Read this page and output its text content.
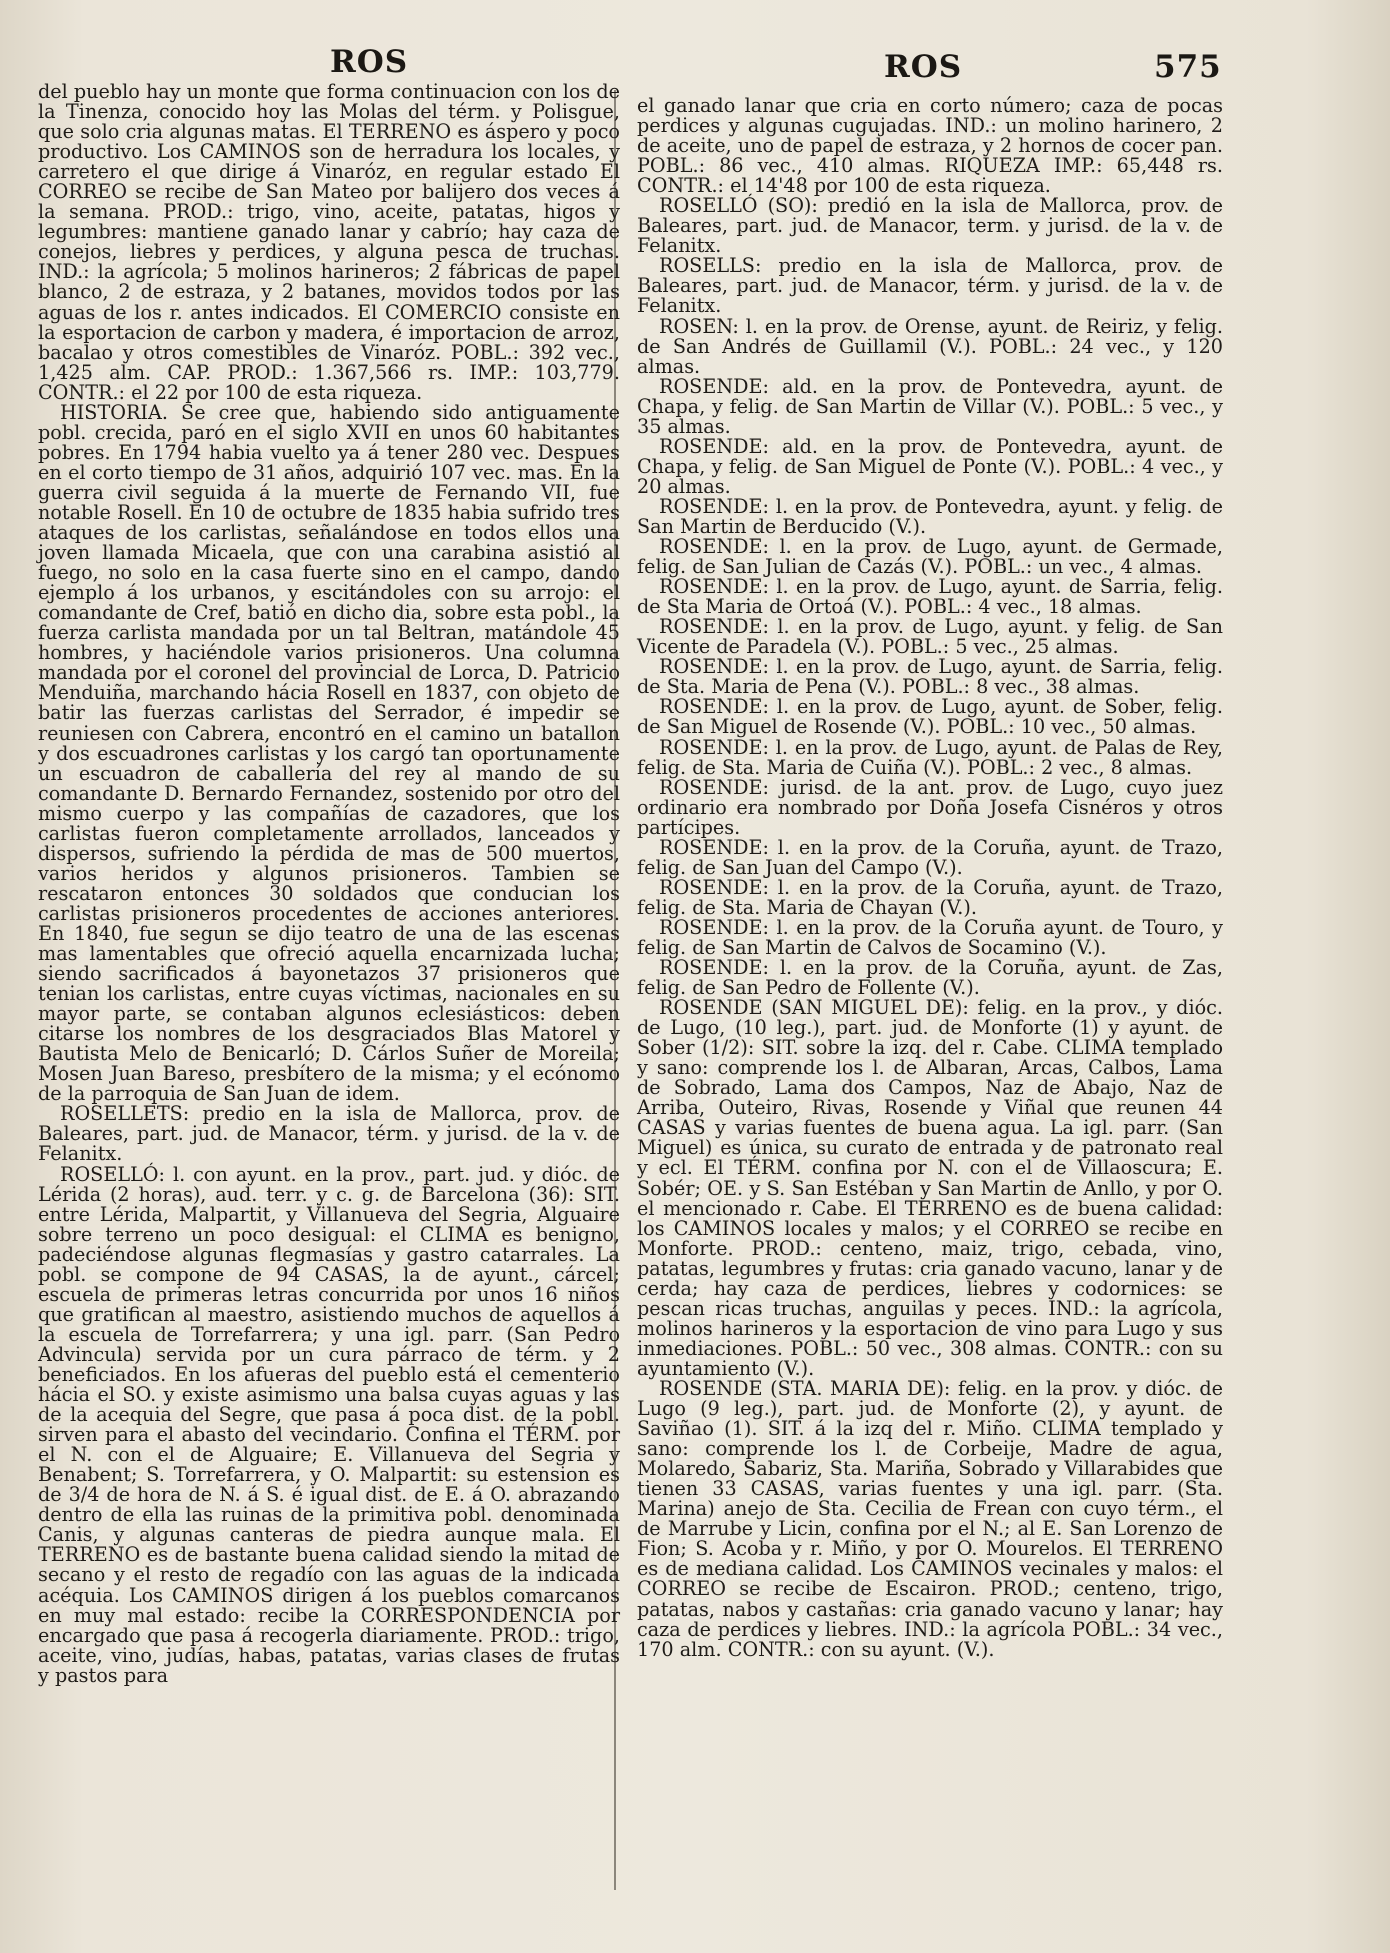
ROS	ROS	575

del pueblo hay un monte que forma continuacion con los de la Tinenza, conocido hoy las Molas del térm. y Polisgue, que solo cria algunas matas. El TERRENO es áspero y poco productivo. Los CAMINOS son de herradura los locales, y carretero el que dirige á Vinaróz, en regular estado El CORREO se recibe de San Mateo por balijero dos veces á la semana. PROD.: trigo, vino, aceite, patatas, higos y legumbres: mantiene ganado lanar y cabrío; hay caza de conejos, liebres y perdices, y alguna pesca de truchas. IND.: la agrícola; 5 molinos harineros; 2 fábricas de papel blanco, 2 de estraza, y 2 batanes, movidos todos por las aguas de los r. antes indicados. El COMERCIO consiste en la esportacion de carbon y madera, é importacion de arroz, bacalao y otros comestibles de Vinaróz. POBL.: 392 vec., 1,425 alm. CAP. PROD.: 1.367,566 rs. IMP.: 103,779. CONTR.: el 22 por 100 de esta riqueza.

HISTORIA. Se cree que, habiendo sido antiguamente pobl. crecida, paró en el siglo XVII en unos 60 habitantes pobres. En 1794 habia vuelto ya á tener 280 vec. Despues en el corto tiempo de 31 años, adquirió 107 vec. mas. En la guerra civil seguida á la muerte de Fernando VII, fue notable Rosell. En 10 de octubre de 1835 habia sufrido tres ataques de los carlistas, señalándose en todos ellos una joven llamada Micaela, que con una carabina asistió al fuego, no solo en la casa fuerte sino en el campo, dando ejemplo á los urbanos, y escitándoles con su arrojo: el comandante de Cref, batió en dicho dia, sobre esta pobl., la fuerza carlista mandada por un tal Beltran, matándole 45 hombres, y haciéndole varios prisioneros. Una columna mandada por el coronel del provincial de Lorca, D. Patricio Menduiña, marchando hácia Rosell en 1837, con objeto de batir las fuerzas carlistas del Serrador, é impedir se reuniesen con Cabrera, encontró en el camino un batallon y dos escuadrones carlistas y los cargó tan oportunamente un escuadron de caballería del rey al mando de su comandante D. Bernardo Fernandez, sostenido por otro del mismo cuerpo y las compañías de cazadores, que los carlistas fueron completamente arrollados, lanceados y dispersos, sufriendo la pérdida de mas de 500 muertos, varios heridos y algunos prisioneros. Tambien se rescataron entonces 30 soldados que conducian los carlistas prisioneros procedentes de acciones anteriores. En 1840, fue segun se dijo teatro de una de las escenas mas lamentables que ofreció aquella encarnizada lucha; siendo sacrificados á bayonetazos 37 prisioneros que tenian los carlistas, entre cuyas víctimas, nacionales en su mayor parte, se contaban algunos eclesiásticos: deben citarse los nombres de los desgraciados Blas Matorel y Bautista Melo de Benicarló; D. Cárlos Suñer de Moreila; Mosen Juan Bareso, presbítero de la misma; y el ecónomo de la parroquia de San Juan de idem.

ROSELLETS: predio en la isla de Mallorca, prov. de Baleares, part. jud. de Manacor, térm. y jurisd. de la v. de Felanitx.

ROSELLÓ: l. con ayunt. en la prov., part. jud. y dióc. de Lérida (2 horas), aud. terr. y c. g. de Barcelona (36): SIT. entre Lérida, Malpartit, y Villanueva del Segria, Alguaire sobre terreno un poco desigual: el CLIMA es benigno, padeciéndose algunas flegmasías y gastro catarrales. La pobl. se compone de 94 CASAS, la de ayunt., cárcel; escuela de primeras letras concurrida por unos 16 niños que gratifican al maestro, asistiendo muchos de aquellos á la escuela de Torrefarrera; y una igl. parr. (San Pedro Advincula) servida por un cura párraco de térm. y 2 beneficiados. En los afueras del pueblo está el cementerio hácia el SO. y existe asimismo una balsa cuyas aguas y las de la acequia del Segre, que pasa á poca dist. de la pobl. sirven para el abasto del vecindario. Confina el TÉRM. por el N. con el de Alguaire; E. Villanueva del Segria y Benabent; S. Torrefarrera, y O. Malpartit: su estension es de 3/4 de hora de N. á S. é igual dist. de E. á O. abrazando dentro de ella las ruinas de la primitiva pobl. denominada Canis, y algunas canteras de piedra aunque mala. El TERRENO es de bastante buena calidad siendo la mitad de secano y el resto de regadío con las aguas de la indicada acéquia. Los CAMINOS dirigen á los pueblos comarcanos en muy mal estado: recibe la CORRESPONDENCIA por encargado que pasa á recogerla diariamente. PROD.: trigo, aceite, vino, judías, habas, patatas, varias clases de frutas y pastos para

el ganado lanar que cria en corto número; caza de pocas perdices y algunas cugujadas. IND.: un molino harinero, 2 de aceite, uno de papel de estraza, y 2 hornos de cocer pan. POBL.: 86 vec., 410 almas. RIQUEZA IMP.: 65,448 rs. CONTR.: el 14'48 por 100 de esta riqueza.

ROSELLÓ (SO): predió en la isla de Mallorca, prov. de Baleares, part. jud. de Manacor, term. y jurisd. de la v. de Felanitx.

ROSELLS: predio en la isla de Mallorca, prov. de Baleares, part. jud. de Manacor, térm. y jurisd. de la v. de Felanitx.

ROSEN: l. en la prov. de Orense, ayunt. de Reiriz, y felig. de San Andrés de Guillamil (V.). POBL.: 24 vec., y 120 almas.

ROSENDE: ald. en la prov. de Pontevedra, ayunt. de Chapa, y felig. de San Martin de Villar (V.). POBL.: 5 vec., y 35 almas.

ROSENDE: ald. en la prov. de Pontevedra, ayunt. de Chapa, y felig. de San Miguel de Ponte (V.). POBL.: 4 vec., y 20 almas.

ROSENDE: l. en la prov. de Pontevedra, ayunt. y felig. de San Martin de Berducido (V.).

ROSENDE: l. en la prov. de Lugo, ayunt. de Germade, felig. de San Julian de Cazás (V.). POBL.: un vec., 4 almas.

ROSENDE: l. en la prov. de Lugo, ayunt. de Sarria, felig. de Sta Maria de Ortoá (V.). POBL.: 4 vec., 18 almas.

ROSENDE: l. en la prov. de Lugo, ayunt. y felig. de San Vicente de Paradela (V.). POBL.: 5 vec., 25 almas.

ROSENDE: l. en la prov. de Lugo, ayunt. de Sarria, felig. de Sta. Maria de Pena (V.). POBL.: 8 vec., 38 almas.

ROSENDE: l. en la prov. de Lugo, ayunt. de Sober, felig. de San Miguel de Rosende (V.). POBL.: 10 vec., 50 almas.

ROSENDE: l. en la prov. de Lugo, ayunt. de Palas de Rey, felig. de Sta. Maria de Cuiña (V.). POBL.: 2 vec., 8 almas.

ROSENDE: jurisd. de la ant. prov. de Lugo, cuyo juez ordinario era nombrado por Doña Josefa Cisnéros y otros partícipes.

ROSENDE: l. en la prov. de la Coruña, ayunt. de Trazo, felig. de San Juan del Campo (V.).

ROSENDE: l. en la prov. de la Coruña, ayunt. de Trazo, felig. de Sta. Maria de Chayan (V.).

ROSENDE: l. en la prov. de la Coruña ayunt. de Touro, y felig. de San Martin de Calvos de Socamino (V.).

ROSENDE: l. en la prov. de la Coruña, ayunt. de Zas, felig. de San Pedro de Follente (V.).

ROSENDE (SAN MIGUEL DE): felig. en la prov., y dióc. de Lugo, (10 leg.), part. jud. de Monforte (1) y ayunt. de Sober (1/2): SIT. sobre la izq. del r. Cabe. CLIMA templado y sano: comprende los l. de Albaran, Arcas, Calbos, Lama de Sobrado, Lama dos Campos, Naz de Abajo, Naz de Arriba, Outeiro, Rivas, Rosende y Viñal que reunen 44 CASAS y varias fuentes de buena agua. La igl. parr. (San Miguel) es única, su curato de entrada y de patronato real y ecl. El TÉRM. confina por N. con el de Villaoscura; E. Sobér; OE. y S. San Estéban y San Martin de Anllo, y por O. el mencionado r. Cabe. El TERRENO es de buena calidad: los CAMINOS locales y malos; y el CORREO se recibe en Monforte. PROD.: centeno, maiz, trigo, cebada, vino, patatas, legumbres y frutas: cria ganado vacuno, lanar y de cerda; hay caza de perdices, liebres y codornices: se pescan ricas truchas, anguilas y peces. IND.: la agrícola, molinos harineros y la esportacion de vino para Lugo y sus inmediaciones. POBL.: 50 vec., 308 almas. CONTR.: con su ayuntamiento (V.).

ROSENDE (STA. MARIA DE): felig. en la prov. y dióc. de Lugo (9 leg.), part. jud. de Monforte (2), y ayunt. de Saviñao (1). SIT. á la izq del r. Miño. CLIMA templado y sano: comprende los l. de Corbeije, Madre de agua, Molaredo, Sabariz, Sta. Mariña, Sobrado y Villarabides que tienen 33 CASAS, varias fuentes y una igl. parr. (Sta. Marina) anejo de Sta. Cecilia de Frean con cuyo térm., el de Marrube y Licin, confina por el N.; al E. San Lorenzo de Fion; S. Acoba y r. Miño, y por O. Mourelos. El TERRENO es de mediana calidad. Los CAMINOS vecinales y malos: el CORREO se recibe de Escairon. PROD.; centeno, trigo, patatas, nabos y castañas: cria ganado vacuno y lanar; hay caza de perdices y liebres. IND.: la agrícola POBL.: 34 vec., 170 alm. CONTR.: con su ayunt. (V.).
